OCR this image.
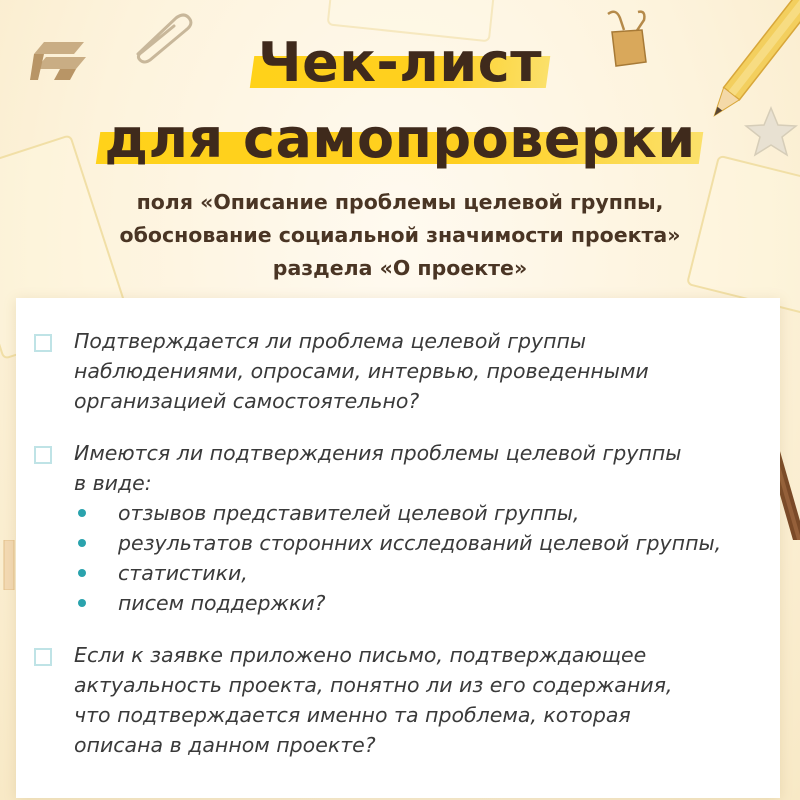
Чек-лист
для самопроверки
поля «Описание проблемы целевой группы,
обоснование социальной значимости проекта»
раздела «О проекте»
Подтверждается ли проблема целевой группы
наблюдениями, опросами, интервью, проведенными
организацией самостоятельно?
Имеются ли подтверждения проблемы целевой группы
в виде:
отзывов представителей целевой группы,
результатов сторонних исследований целевой группы,
статистики,
писем поддержки?
Если к заявке приложено письмо, подтверждающее
актуальность проекта, понятно ли из его содержания,
что подтверждается именно та проблема, которая
описана в данном проекте?
